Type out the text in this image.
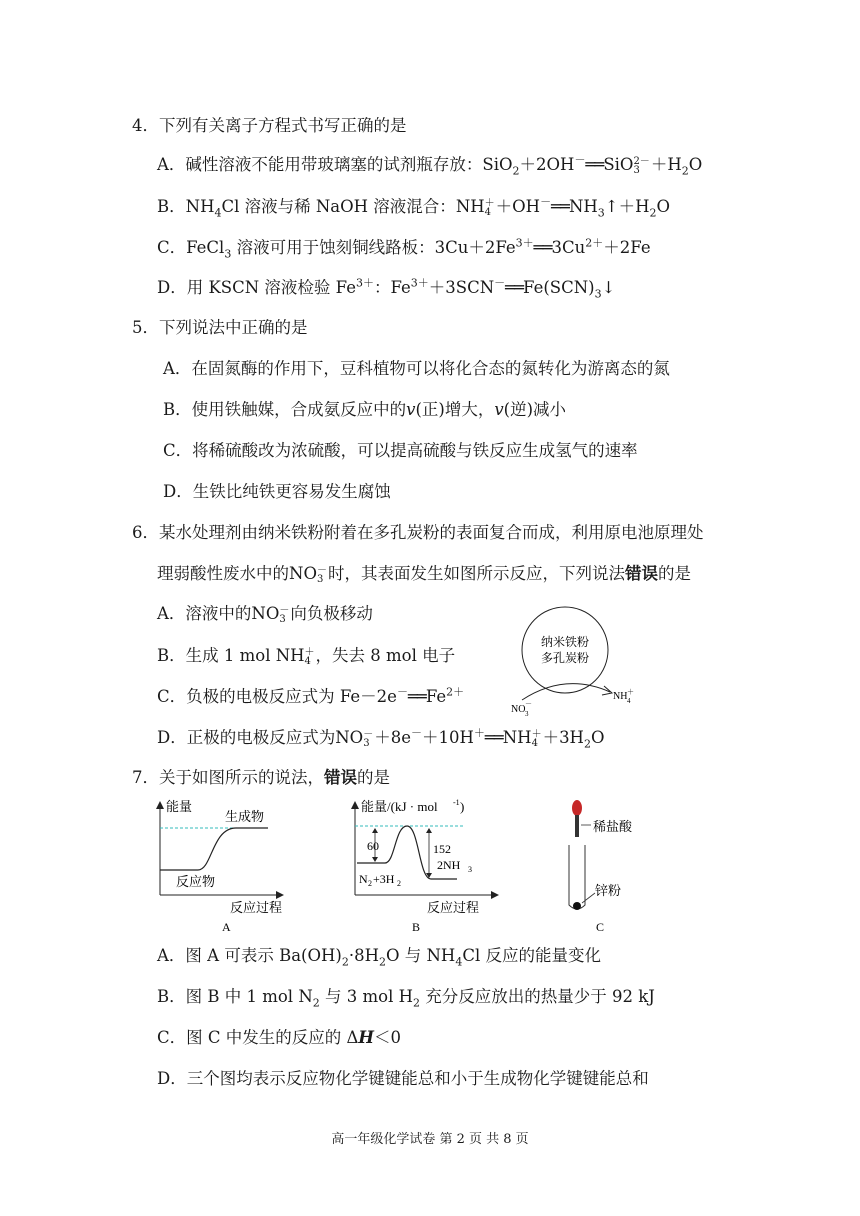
4．下列有关离子方程式书写正确的是
A．碱性溶液不能用带玻璃塞的试剂瓶存放：SiO$_2$＋2OH－══SiO 2－
$3 +H_2O$
B．$NH_4Cl$ 溶液与稀 NaOH 溶液混合：NH ＋
$4 +OH^-══NH_3↑+H_2O$
C．FeCl$_3$ 溶液可用于蚀刻铜线路板：$3Cu+2Fe^{3+}══3Cu^{2+}+2Fe$
D．用 KSCN 溶液检验 $Fe^{3+}$：$Fe^{3+}+3SCN^-══Fe(SCN)_3↓$
5．下列说法中正确的是
A．在固氮酶的作用下，豆科植物可以将化合态的氮转化为游离态的氮
B．使用铁触媒，合成氨反应中的v(正)增大，v(逆)减小
C．将稀硫酸改为浓硫酸，可以提高硫酸与铁反应生成氢气的速率
D．生铁比纯铁更容易发生腐蚀
6．某水处理剂由纳米铁粉附着在多孔炭粉的表面复合而成，利用原电池原理处
理弱酸性废水中的NO －
3 时，其表面发生如图所示反应，下列说法错误的是
A．溶液中的NO －
3 向负极移动
B．生成 1 mol NH ＋
4 ，失去 8 mol 电子
C．负极的电极反应式为 $Fe-2e^-══Fe^{2+}$
D．正极的电极反应式为NO －
3 ＋8e－＋10H＋══NH ＋
$4 +3H_2O$
纳米铁粉
多孔炭粉
NO 3
－
NH 4
＋
7．关于如图所示的说法，错误的是
能量
生成物
反应物
反应过程
A
能量/(kJ · mol -1 )
60	152
2NH 3
N 2 +3H 2
反应过程
B
稀盐酸
锌粉
C
A．图 A 可表示 $Ba(OH)_2\cdot 8H_2O$ 与 $NH_4Cl$ 反应的能量变化
B．图 B 中 1 mol $N_2$ 与 3 mol $H_2$ 充分反应放出的热量少于 92 kJ
C．图 C 中发生的反应的 ΔH＜0
D．三个图均表示反应物化学键键能总和小于生成物化学键键能总和
高一年级化学试卷 第 2 页 共 8 页
